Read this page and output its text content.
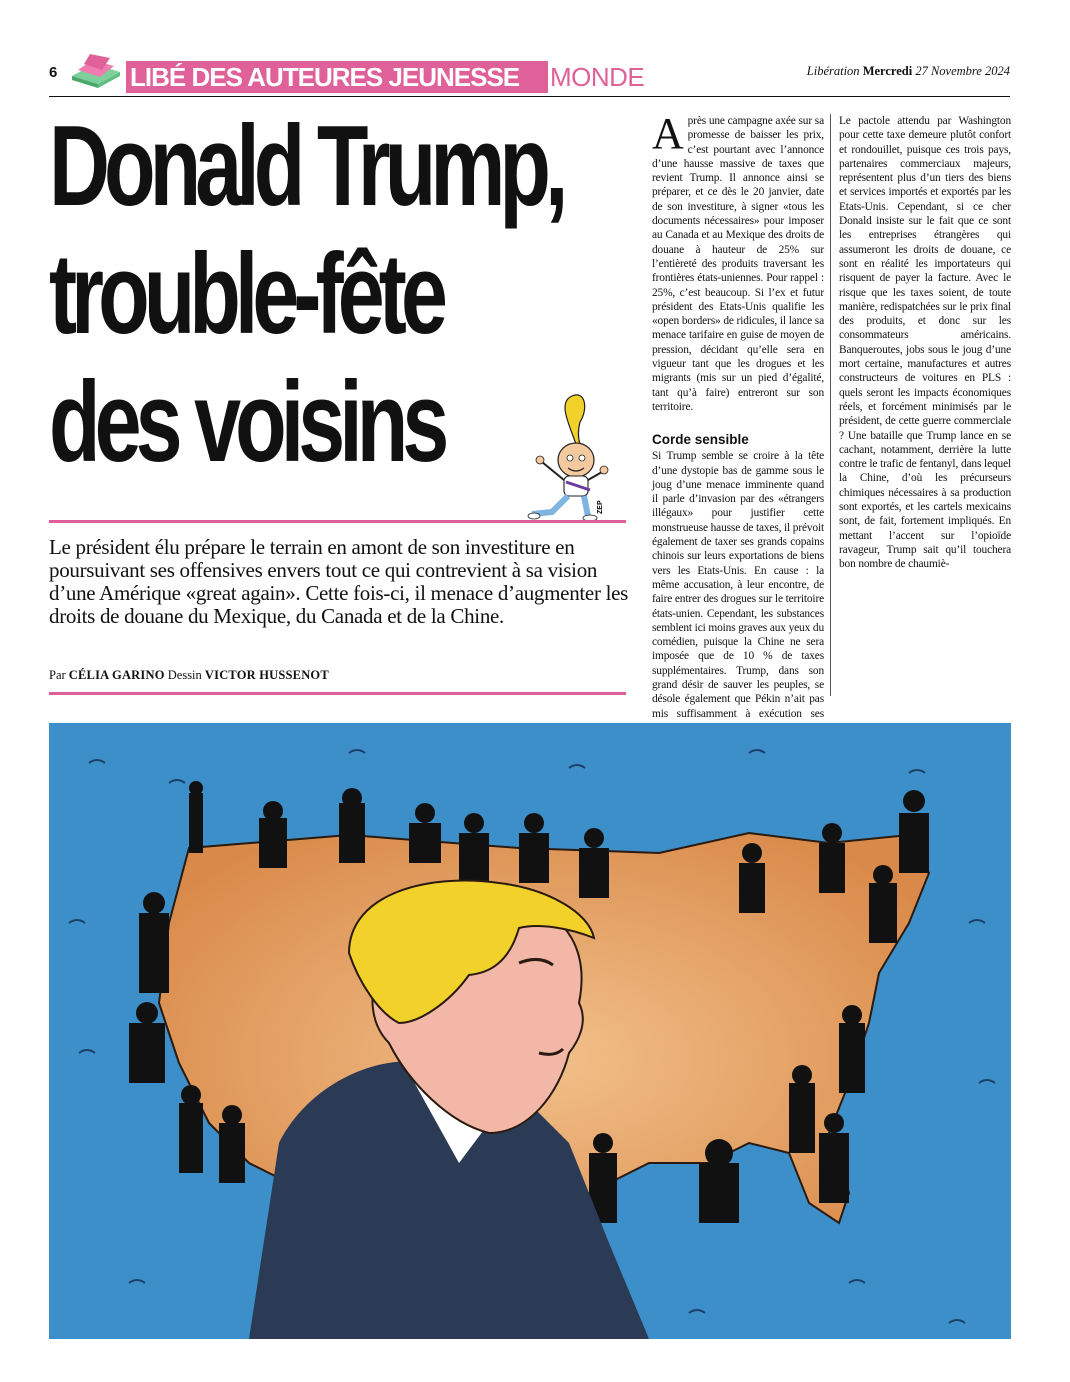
6	LIBÉ DES AUTEURES JEUNESSE	MONDE	Libération Mercredi 27 Novembre 2024
Donald Trump,
trouble-fête
des voisins
ZEP
Le président élu prépare le terrain en amont de son investiture en poursuivant ses offensives envers tout ce qui contrevient à sa vision d’une Amérique «great again». Cette fois-ci, il menace d’augmenter les droits de douane du Mexique, du Canada et de la Chine.
Par CÉLIA GARINO Dessin VICTOR HUSSENOT

Après une campagne axée sur sa promesse de baisser les prix, c’est pourtant avec l’annonce d’une hausse massive de taxes que revient Trump. Il annonce ainsi se préparer, et ce dès le 20 janvier, date de son investiture, à signer «tous les documents nécessaires» pour imposer au Canada et au Mexique des droits de douane à hauteur de 25% sur l’entièreté des produits traversant les frontières états-uniennes. Pour rappel : 25%, c’est beaucoup. Si l’ex et futur président des Etats-Unis qualifie les «open borders» de ridicules, il lance sa menace tarifaire en guise de moyen de pression, décidant qu’elle sera en vigueur tant que les drogues et les migrants (mis sur un pied d’égalité, tant qu’à faire) entreront sur son territoire.

Corde sensible

Si Trump semble se croire à la tête d’une dystopie bas de gamme sous le joug d’une menace imminente quand il parle d’invasion par des «étrangers illégaux» pour justifier cette monstrueuse hausse de taxes, il prévoit également de taxer ses grands copains chinois sur leurs exportations de biens vers les Etats-Unis. En cause : la même accusation, à leur encontre, de faire entrer des drogues sur le territoire états-unien. Cependant, les substances semblent ici moins graves aux yeux du comédien, puisque la Chine ne sera imposée que de 10 % de taxes supplémentaires. Trump, dans son grand désir de sauver les peuples, se désole également que Pékin n’ait pas mis suffisamment à exécution ses

Le pactole attendu par Washington pour cette taxe demeure plutôt confort et rondouillet, puisque ces trois pays, partenaires commerciaux majeurs, représentent plus d’un tiers des biens et services importés et exportés par les Etats-Unis. Cependant, si ce cher Donald insiste sur le fait que ce sont les entreprises étrangères qui assumeront les droits de douane, ce sont en réalité les importateurs qui risquent de payer la facture. Avec le risque que les taxes soient, de toute manière, redispatchées sur le prix final des produits, et donc sur les consommateurs américains. Banqueroutes, jobs sous le joug d’une mort certaine, manufactures et autres constructeurs de voitures en PLS : quels seront les impacts économiques réels, et forcément minimisés par le président, de cette guerre commerciale ? Une bataille que Trump lance en se cachant, notamment, derrière la lutte contre le trafic de fentanyl, dans lequel la Chine, d’où les précurseurs chimiques nécessaires à sa production sont exportés, et les cartels mexicains sont, de fait, fortement impliqués. En mettant l’accent sur l’opioïde ravageur, Trump sait qu’il touchera bon nombre de chaumiè-
